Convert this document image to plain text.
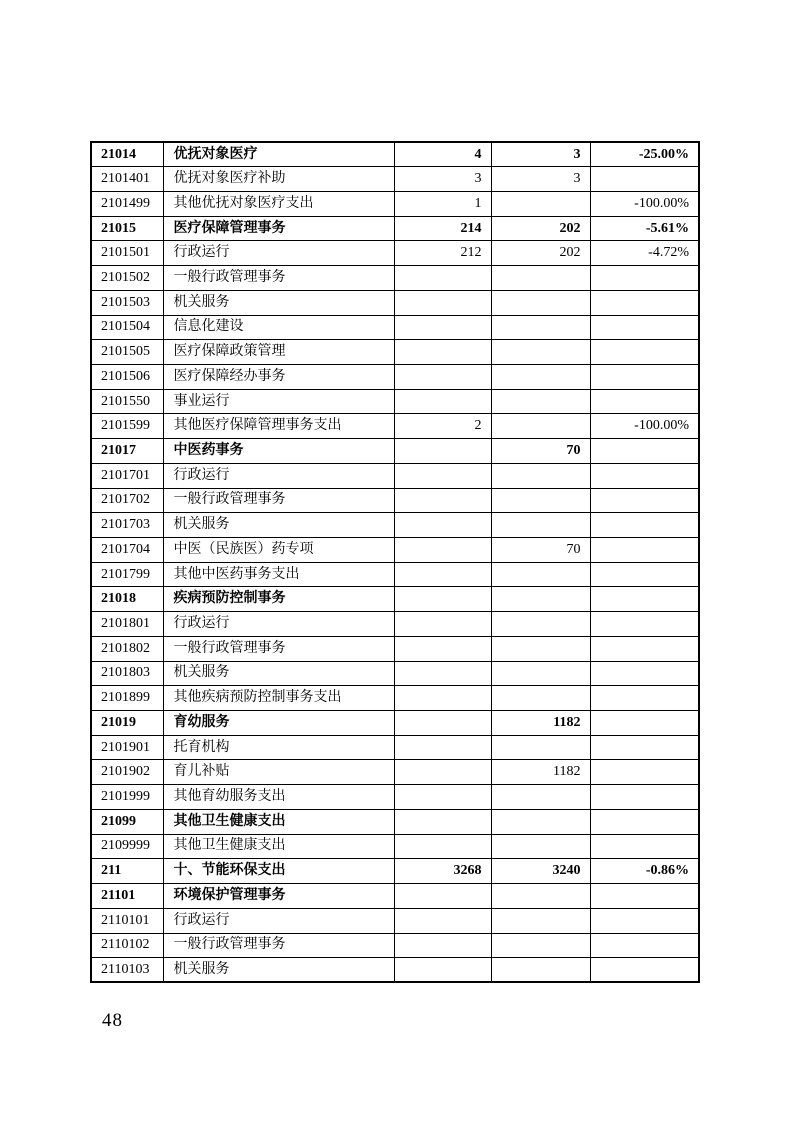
21014	优抚对象医疗	4	3	-25.00%
2101401	优抚对象医疗补助	3	3	
2101499	其他优抚对象医疗支出	1		-100.00%
21015	医疗保障管理事务	214	202	-5.61%
2101501	行政运行	212	202	-4.72%
2101502	一般行政管理事务			
2101503	机关服务			
2101504	信息化建设			
2101505	医疗保障政策管理			
2101506	医疗保障经办事务			
2101550	事业运行			
2101599	其他医疗保障管理事务支出	2		-100.00%
21017	中医药事务		70	
2101701	行政运行			
2101702	一般行政管理事务			
2101703	机关服务			
2101704	中医（民族医）药专项		70	
2101799	其他中医药事务支出			
21018	疾病预防控制事务			
2101801	行政运行			
2101802	一般行政管理事务			
2101803	机关服务			
2101899	其他疾病预防控制事务支出			
21019	育幼服务		1182	
2101901	托育机构			
2101902	育儿补贴		1182	
2101999	其他育幼服务支出			
21099	其他卫生健康支出			
2109999	其他卫生健康支出			
211	十、节能环保支出	3268	3240	-0.86%
21101	环境保护管理事务			
2110101	行政运行			
2110102	一般行政管理事务			
2110103	机关服务			
48
